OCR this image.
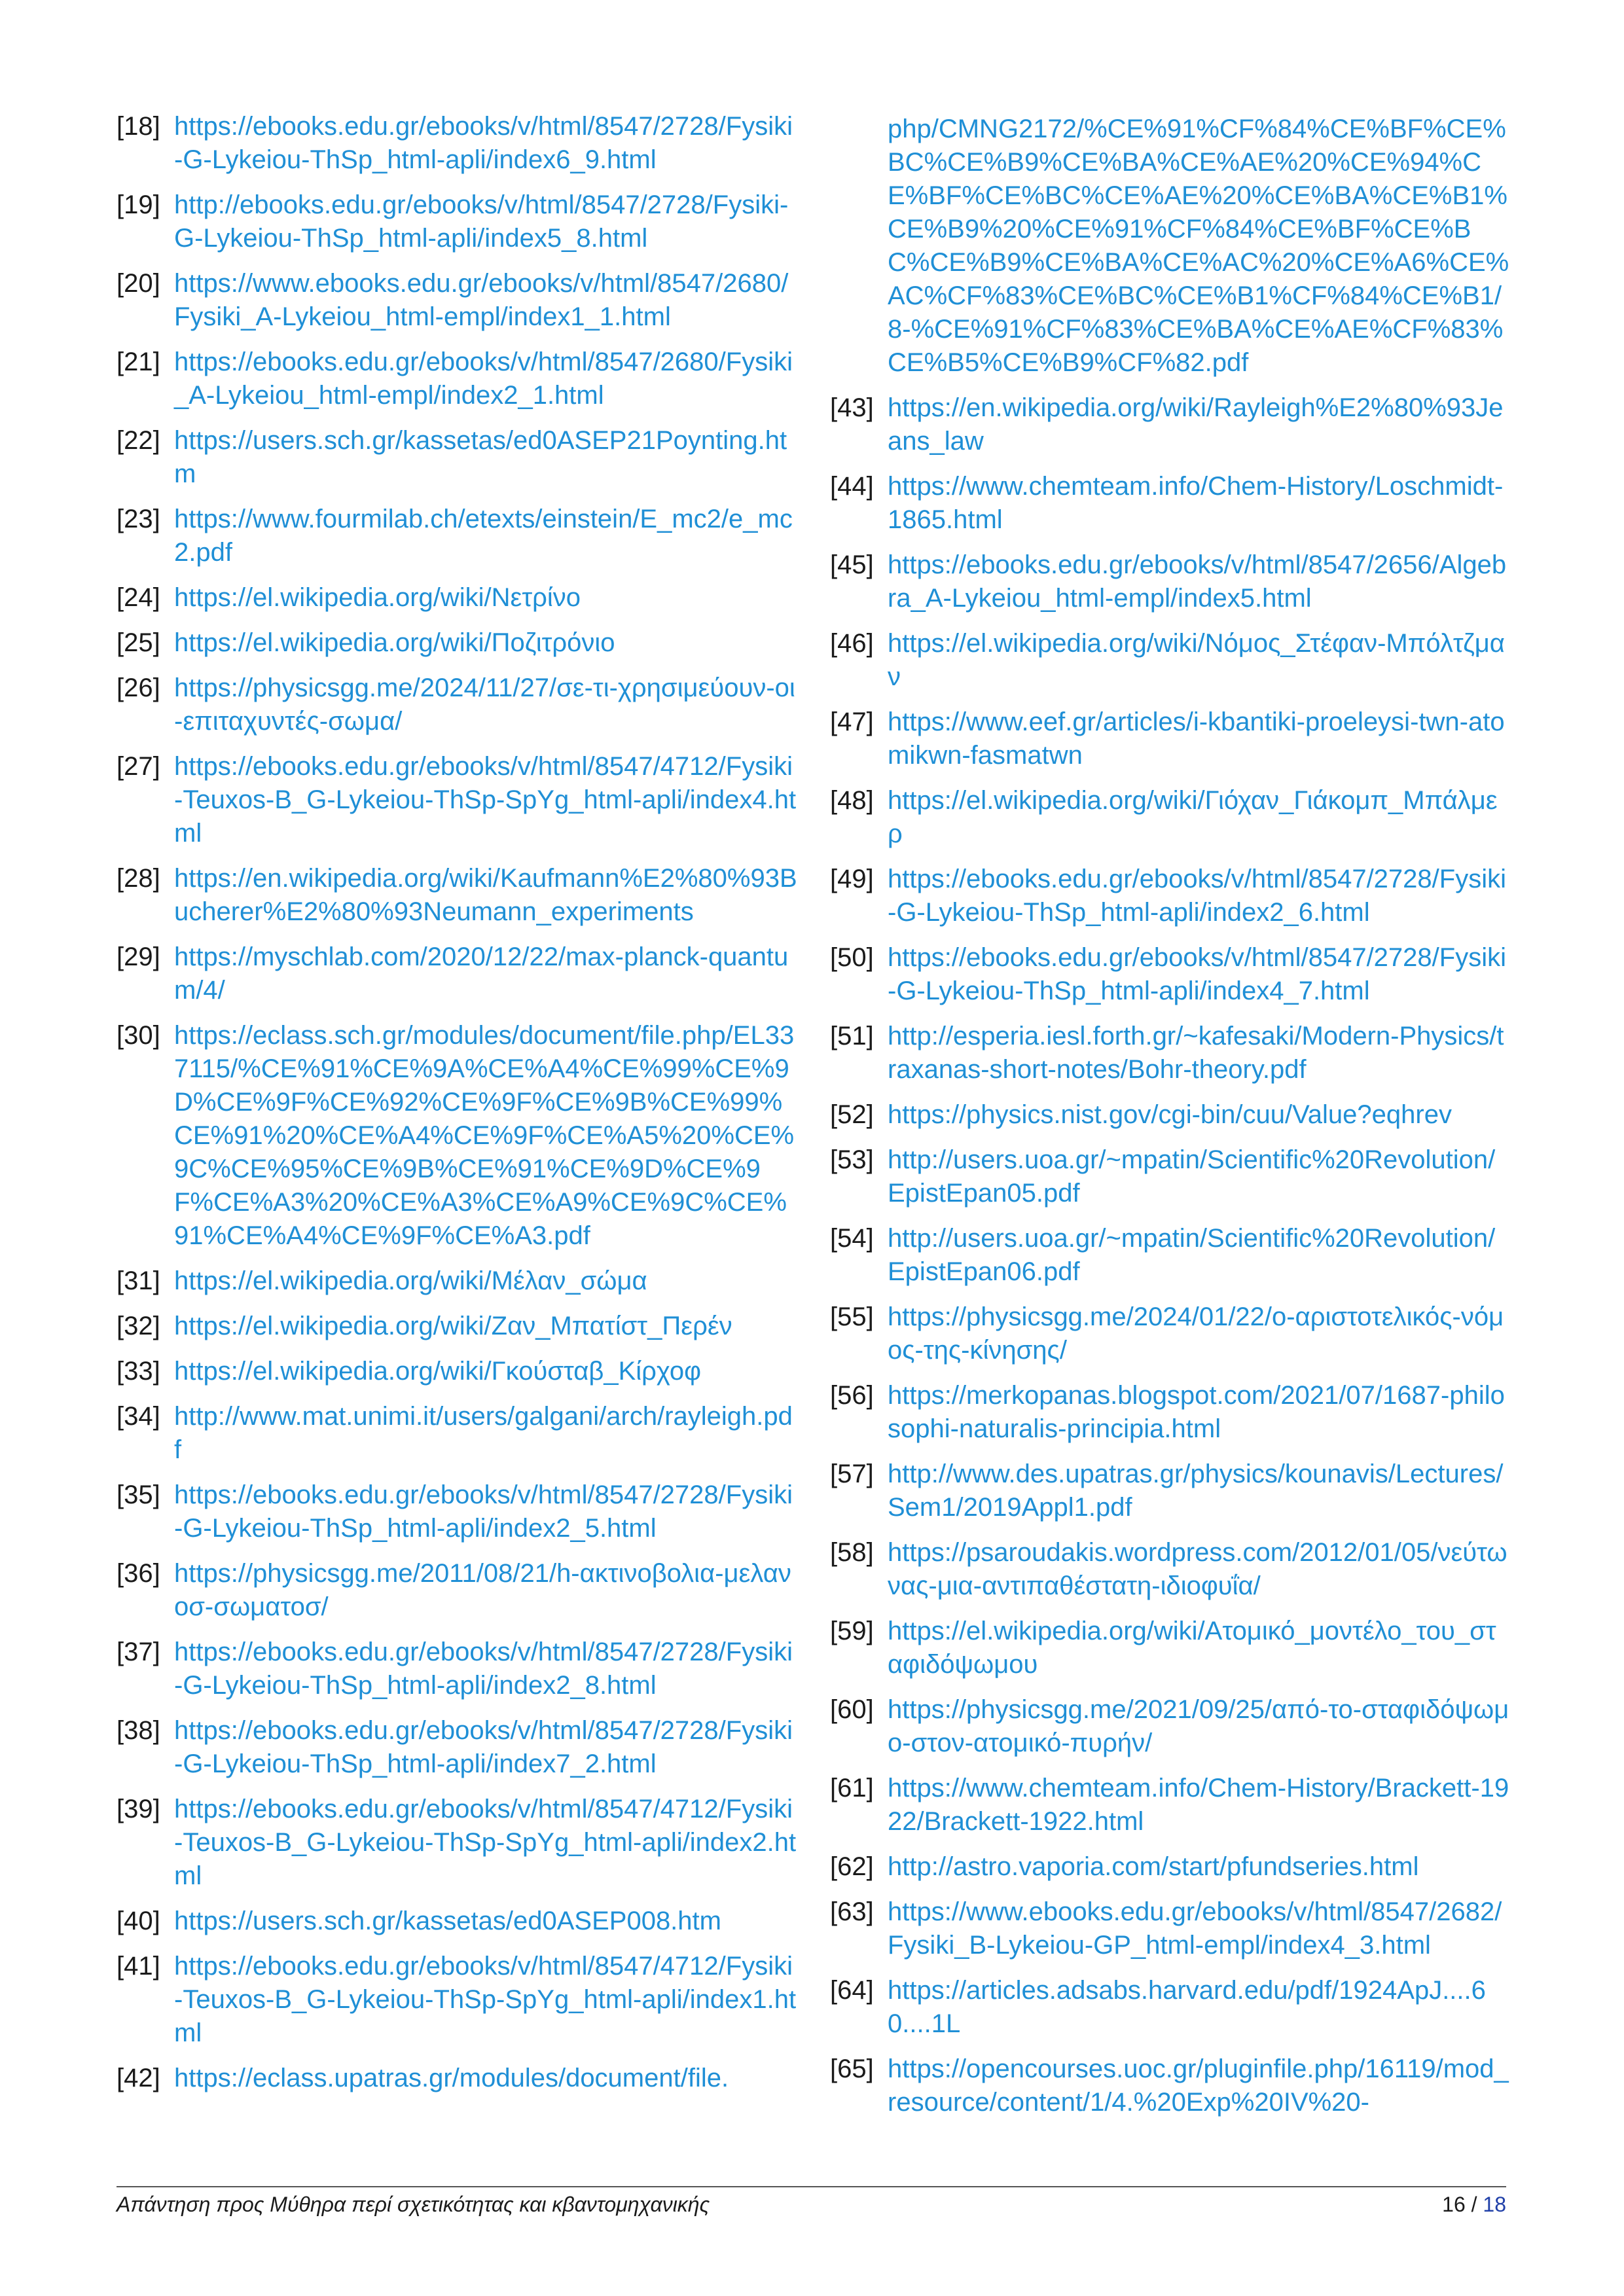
[18] https://ebooks.edu.gr/ebooks/v/html/8547/2728/Fysiki-G-Lykeiou-ThSp_html-apli/index6_9.html
[19] http://ebooks.edu.gr/ebooks/v/html/8547/2728/Fysiki-G-Lykeiou-ThSp_html-apli/index5_8.html
[20] https://www.ebooks.edu.gr/ebooks/v/html/8547/2680/Fysiki_A-Lykeiou_html-empl/index1_1.html
[21] https://ebooks.edu.gr/ebooks/v/html/8547/2680/Fysiki_A-Lykeiou_html-empl/index2_1.html
[22] https://users.sch.gr/kassetas/ed0ASEP21Poynting.htm
[23] https://www.fourmilab.ch/etexts/einstein/E_mc2/e_mc2.pdf
[24] https://el.wikipedia.org/wiki/Νετρίνο
[25] https://el.wikipedia.org/wiki/Ποζιτρόνιο
[26] https://physicsgg.me/2024/11/27/σε-τι-χρησιμεύουν-οι-επιταχυντές-σωμα/
[27] https://ebooks.edu.gr/ebooks/v/html/8547/4712/Fysiki-Teuxos-B_G-Lykeiou-ThSp-SpYg_html-apli/index4.html
[28] https://en.wikipedia.org/wiki/Kaufmann%E2%80%93Bucherer%E2%80%93Neumann_experiments
[29] https://myschlab.com/2020/12/22/max-planck-quantum/4/
[30] https://eclass.sch.gr/modules/document/file.php/EL337115/%CE%91%CE%9A%CE%A4%CE%99%CE%9D%CE%9F%CE%92%CE%9F%CE%9B%CE%99%CE%91%20%CE%A4%CE%9F%CE%A5%20%CE%9C%CE%95%CE%9B%CE%91%CE%9D%CE%9F%CE%A3%20%CE%A3%CE%A9%CE%9C%CE%91%CE%A4%CE%9F%CE%A3.pdf
[31] https://el.wikipedia.org/wiki/Μέλαν_σώμα
[32] https://el.wikipedia.org/wiki/Ζαν_Μπατίστ_Περέν
[33] https://el.wikipedia.org/wiki/Γκούσταβ_Κίρχοφ
[34] http://www.mat.unimi.it/users/galgani/arch/rayleigh.pdf
[35] https://ebooks.edu.gr/ebooks/v/html/8547/2728/Fysiki-G-Lykeiou-ThSp_html-apli/index2_5.html
[36] https://physicsgg.me/2011/08/21/h-ακτινοβολια-μελανοσ-σωματοσ/
[37] https://ebooks.edu.gr/ebooks/v/html/8547/2728/Fysiki-G-Lykeiou-ThSp_html-apli/index2_8.html
[38] https://ebooks.edu.gr/ebooks/v/html/8547/2728/Fysiki-G-Lykeiou-ThSp_html-apli/index7_2.html
[39] https://ebooks.edu.gr/ebooks/v/html/8547/4712/Fysiki-Teuxos-B_G-Lykeiou-ThSp-SpYg_html-apli/index2.html
[40] https://users.sch.gr/kassetas/ed0ASEP008.htm
[41] https://ebooks.edu.gr/ebooks/v/html/8547/4712/Fysiki-Teuxos-B_G-Lykeiou-ThSp-SpYg_html-apli/index1.html
[42] https://eclass.upatras.gr/modules/document/file.
php/CMNG2172/%CE%91%CF%84%CE%BF%CE%BC%CE%B9%CE%BA%CE%AE%20%CE%94%CE%BF%CE%BC%CE%AE%20%CE%BA%CE%B1%CE%B9%20%CE%91%CF%84%CE%BF%CE%BC%CE%B9%CE%BA%CE%AC%20%CE%A6%CE%AC%CF%83%CE%BC%CE%B1%CF%84%CE%B1/8-%CE%91%CF%83%CE%BA%CE%AE%CF%83%CE%B5%CE%B9%CF%82.pdf
[43] https://en.wikipedia.org/wiki/Rayleigh%E2%80%93Jeans_law
[44] https://www.chemteam.info/Chem-History/Loschmidt-1865.html
[45] https://ebooks.edu.gr/ebooks/v/html/8547/2656/Algebra_A-Lykeiou_html-empl/index5.html
[46] https://el.wikipedia.org/wiki/Νόμος_Στέφαν-Μπόλτζμαν
[47] https://www.eef.gr/articles/i-kbantiki-proeleysi-twn-atomikwn-fasmatwn
[48] https://el.wikipedia.org/wiki/Γιόχαν_Γιάκομπ_Μπάλμερ
[49] https://ebooks.edu.gr/ebooks/v/html/8547/2728/Fysiki-G-Lykeiou-ThSp_html-apli/index2_6.html
[50] https://ebooks.edu.gr/ebooks/v/html/8547/2728/Fysiki-G-Lykeiou-ThSp_html-apli/index4_7.html
[51] http://esperia.iesl.forth.gr/~kafesaki/Modern-Physics/traxanas-short-notes/Bohr-theory.pdf
[52] https://physics.nist.gov/cgi-bin/cuu/Value?eqhrev
[53] http://users.uoa.gr/~mpatin/Scientific%20Revolution/EpistEpan05.pdf
[54] http://users.uoa.gr/~mpatin/Scientific%20Revolution/EpistEpan06.pdf
[55] https://physicsgg.me/2024/01/22/ο-αριστοτελικός-νόμος-της-κίνησης/
[56] https://merkopanas.blogspot.com/2021/07/1687-philosophi-naturalis-principia.html
[57] http://www.des.upatras.gr/physics/kounavis/Lectures/Sem1/2019Appl1.pdf
[58] https://psaroudakis.wordpress.com/2012/01/05/νεύτωνας-μια-αντιπαθέστατη-ιδιοφυΐα/
[59] https://el.wikipedia.org/wiki/Ατομικό_μοντέλο_του_σταφιδόψωμου
[60] https://physicsgg.me/2021/09/25/από-το-σταφιδόψωμο-στον-ατομικό-πυρήν/
[61] https://www.chemteam.info/Chem-History/Brackett-1922/Brackett-1922.html
[62] http://astro.vaporia.com/start/pfundseries.html
[63] https://www.ebooks.edu.gr/ebooks/v/html/8547/2682/Fysiki_B-Lykeiou-GP_html-empl/index4_3.html
[64] https://articles.adsabs.harvard.edu/pdf/1924ApJ....60....1L
[65] https://opencourses.uoc.gr/pluginfile.php/16119/mod_resource/content/1/4.%20Exp%20IV%20-
Απάντηση προς Μύθηρα περί σχετικότητας και κβαντομηχανικής	16 / 18
